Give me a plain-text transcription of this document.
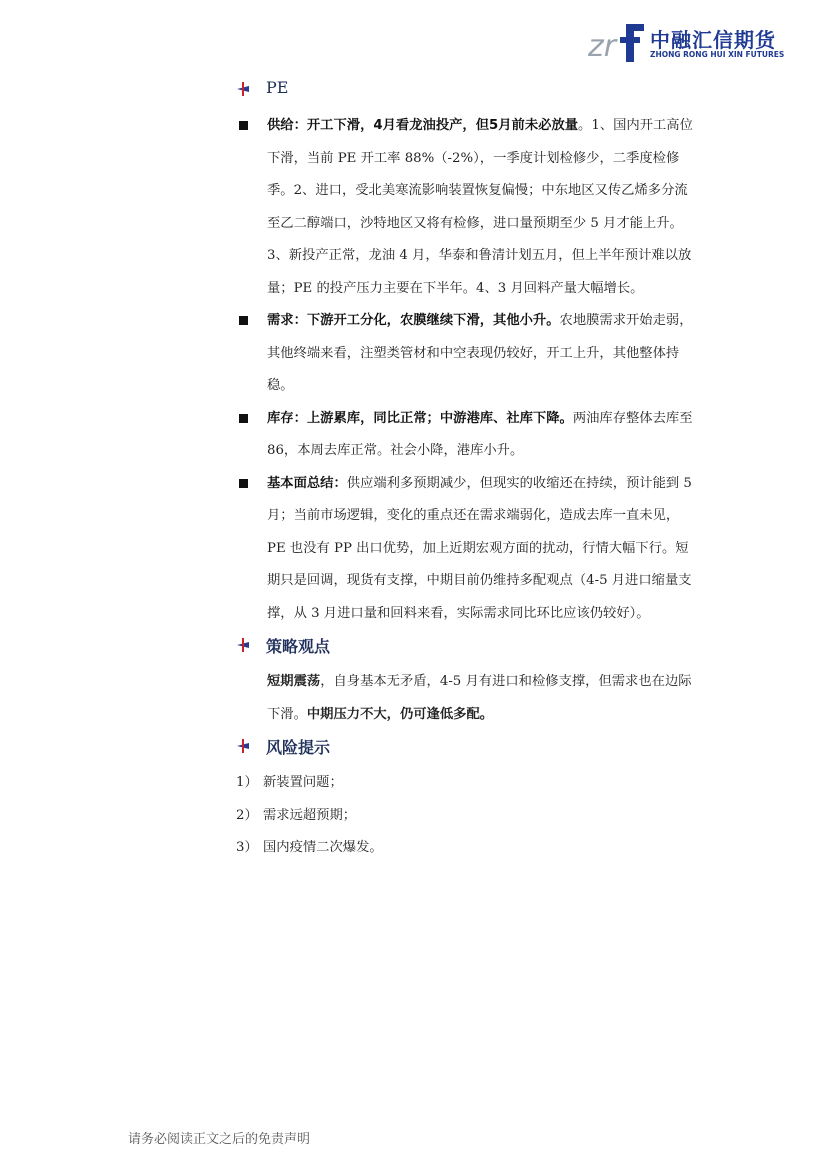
zr 中融汇信期货
ZHONG RONG HUI XIN FUTURES
PE
供给：开工下滑，4月看龙油投产，但5月前未必放量。1、国内开工高位下滑，当前 PE 开工率 88%（-2%），一季度计划检修少，二季度检修季。2、进口，受北美寒流影响装置恢复偏慢；中东地区又传乙烯多分流至乙二醇端口，沙特地区又将有检修，进口量预期至少 5 月才能上升。3、新投产正常，龙油 4 月，华泰和鲁清计划五月，但上半年预计难以放量；PE 的投产压力主要在下半年。4、3 月回料产量大幅增长。
需求：下游开工分化，农膜继续下滑，其他小升。农地膜需求开始走弱，其他终端来看，注塑类管材和中空表现仍较好，开工上升，其他整体持稳。
库存：上游累库，同比正常；中游港库、社库下降。两油库存整体去库至 86，本周去库正常。社会小降，港库小升。
基本面总结：供应端利多预期减少，但现实的收缩还在持续，预计能到 5 月；当前市场逻辑，变化的重点还在需求端弱化，造成去库一直未见，PE 也没有 PP 出口优势，加上近期宏观方面的扰动，行情大幅下行。短期只是回调，现货有支撑，中期目前仍维持多配观点（4-5 月进口缩量支撑，从 3 月进口量和回料来看，实际需求同比环比应该仍较好）。
策略观点
短期震荡，自身基本无矛盾，4-5 月有进口和检修支撑，但需求也在边际下滑。中期压力不大，仍可逢低多配。
风险提示
1） 新装置问题；
2） 需求远超预期；
3） 国内疫情二次爆发。
请务必阅读正文之后的免责声明
